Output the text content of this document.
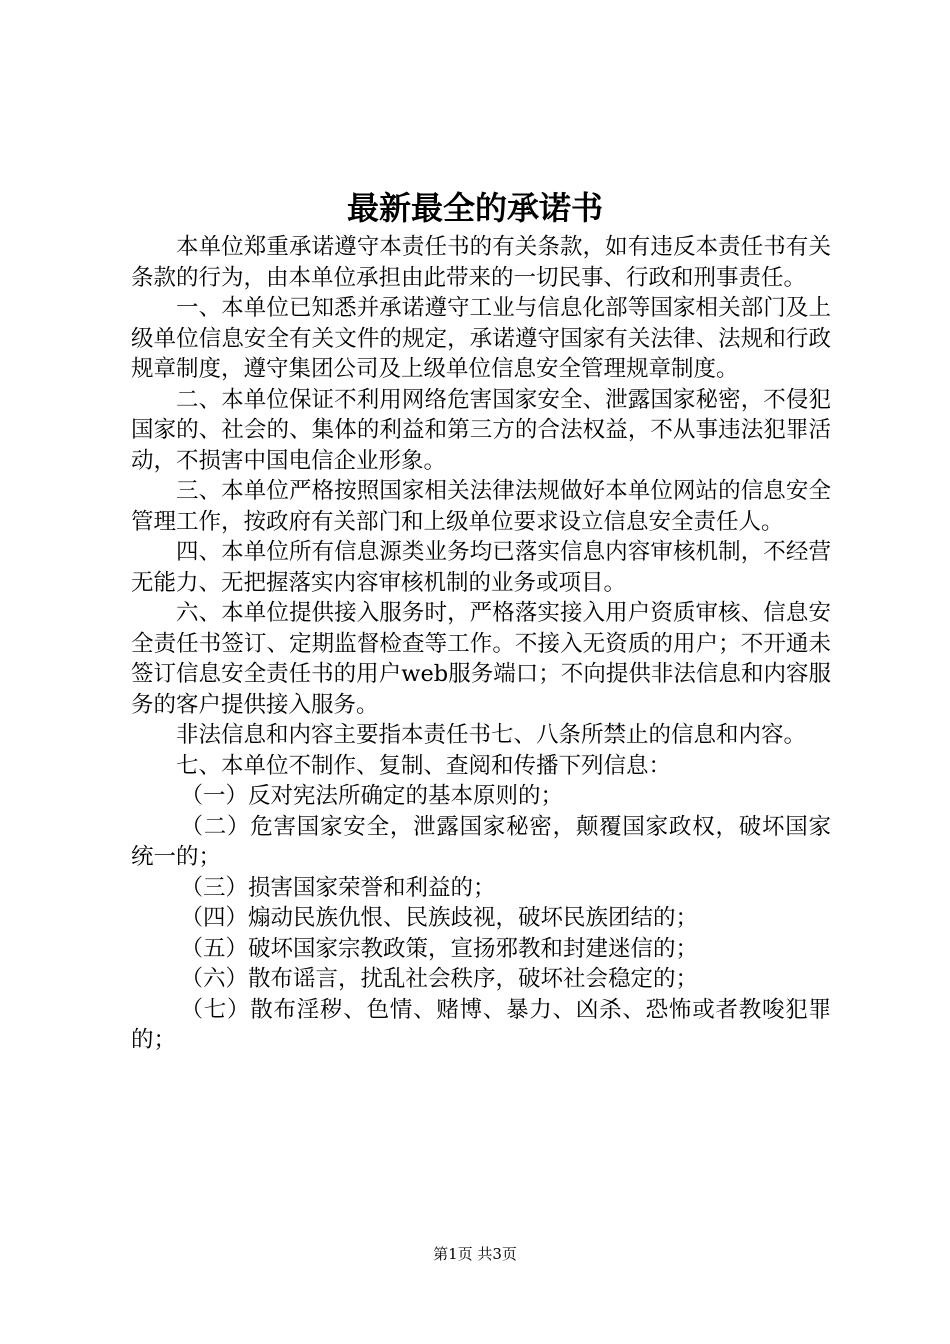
最新最全的承诺书

本单位郑重承诺遵守本责任书的有关条款，如有违反本责任书有关条款的行为，由本单位承担由此带来的一切民事、行政和刑事责任。

一、本单位已知悉并承诺遵守工业与信息化部等国家相关部门及上级单位信息安全有关文件的规定，承诺遵守国家有关法律、法规和行政规章制度，遵守集团公司及上级单位信息安全管理规章制度。

二、本单位保证不利用网络危害国家安全、泄露国家秘密，不侵犯国家的、社会的、集体的利益和第三方的合法权益，不从事违法犯罪活动，不损害中国电信企业形象。

三、本单位严格按照国家相关法律法规做好本单位网站的信息安全管理工作，按政府有关部门和上级单位要求设立信息安全责任人。

四、本单位所有信息源类业务均已落实信息内容审核机制，不经营无能力、无把握落实内容审核机制的业务或项目。

六、本单位提供接入服务时，严格落实接入用户资质审核、信息安全责任书签订、定期监督检查等工作。不接入无资质的用户；不开通未签订信息安全责任书的用户web服务端口；不向提供非法信息和内容服务的客户提供接入服务。

非法信息和内容主要指本责任书七、八条所禁止的信息和内容。

七、本单位不制作、复制、查阅和传播下列信息：

（一）反对宪法所确定的基本原则的；

（二）危害国家安全，泄露国家秘密，颠覆国家政权，破坏国家统一的；

（三）损害国家荣誉和利益的；

（四）煽动民族仇恨、民族歧视，破坏民族团结的；

（五）破坏国家宗教政策，宣扬邪教和封建迷信的；

（六）散布谣言，扰乱社会秩序，破坏社会稳定的；

（七）散布淫秽、色情、赌博、暴力、凶杀、恐怖或者教唆犯罪的；

第1页 共3页
